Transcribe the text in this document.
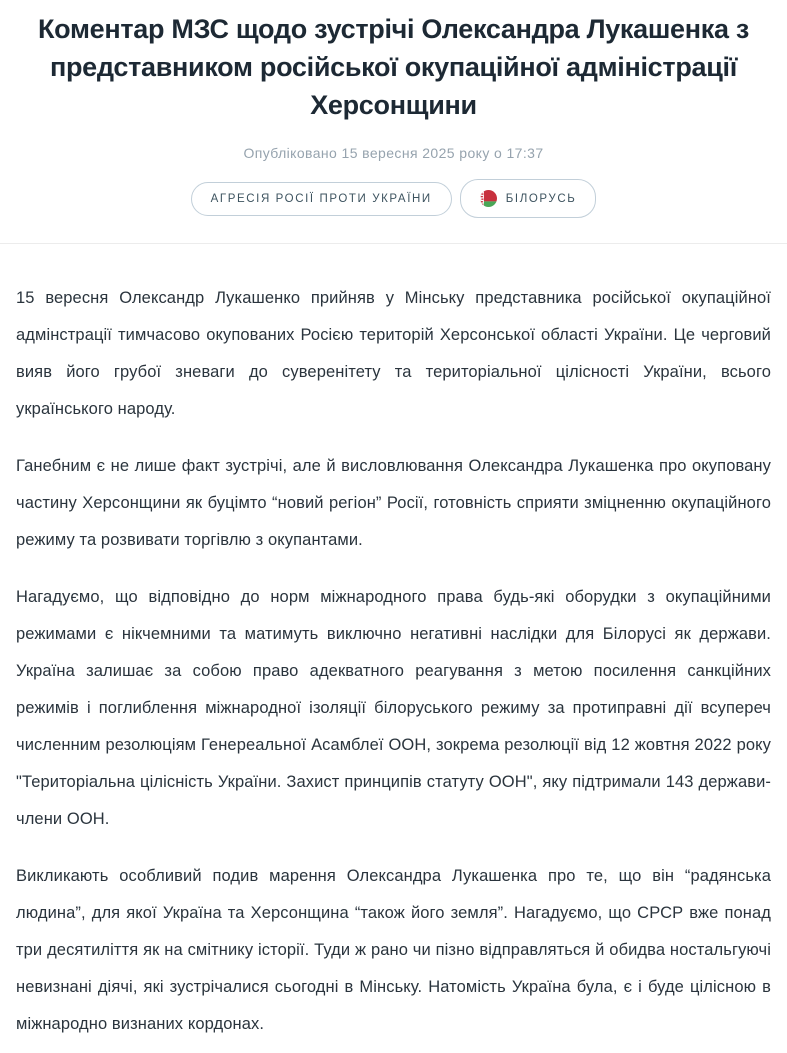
Коментар МЗС щодо зустрічі Олександра Лукашенка з представником російської окупаційної адміністрації Херсонщини
Опубліковано 15 вересня 2025 року о 17:37
АГРЕСІЯ РОСІЇ ПРОТИ УКРАЇНИ	БІЛОРУСЬ

15 вересня Олександр Лукашенко прийняв у Мінську представника російської окупаційної адмінстрації тимчасово окупованих Росією територій Херсонської області України. Це черговий вияв його грубої зневаги до суверенітету та територіальної цілісності України, всього українського народу.

Ганебним є не лише факт зустрічі, але й висловлювання Олександра Лукашенка про окуповану частину Херсонщини як буцімто “новий регіон” Росії, готовність сприяти зміцненню окупаційного режиму та розвивати торгівлю з окупантами.

Нагадуємо, що відповідно до норм міжнародного права будь-які оборудки з окупаційними режимами є нікчемними та матимуть виключно негативні наслідки для Білорусі як держави. Україна залишає за собою право адекватного реагування з метою посилення санкційних режимів і поглиблення міжнародної ізоляції білоруського режиму за протиправні дії всупереч численним резолюціям Генереальної Асамблеї ООН, зокрема резолюції від 12 жовтня 2022 року "Територіальна цілісність України. Захист принципів статуту ООН", яку підтримали 143 держави-члени ООН.

Викликають особливий подив марення Олександра Лукашенка про те, що він “радянська людина”, для якої Україна та Херсонщина “також його земля”. Нагадуємо, що СРСР вже понад три десятиліття як на смітнику історії. Туди ж рано чи пізно відправляться й обидва ностальгуючі невизнані діячі, які зустрічалися сьогодні в Мінську. Натомість Україна була, є і буде цілісною в міжнародно визнаних кордонах.
